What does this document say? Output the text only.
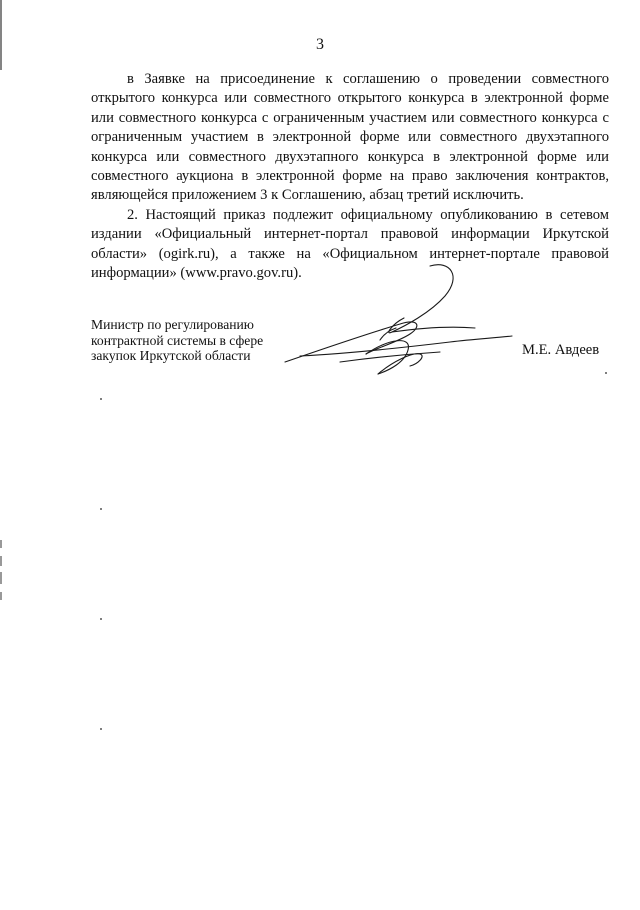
3

в Заявке на присоединение к соглашению о проведении совместного открытого конкурса или совместного открытого конкурса в электронной форме или совместного конкурса с ограниченным участием или совместного конкурса с ограниченным участием в электронной форме или совместного двухэтапного конкурса или совместного двухэтапного конкурса в электронной форме или совместного аукциона в электронной форме на право заключения контрактов, являющейся приложением 3 к Соглашению, абзац третий исключить.

2. Настоящий приказ подлежит официальному опубликованию в сетевом издании «Официальный интернет-портал правовой информации Иркутской области» (ogirk.ru), а также на «Официальном интернет-портале правовой информации» (www.pravo.gov.ru).

Министр по регулированию
контрактной системы в сфере
закупок Иркутской области	М.Е. Авдеев
